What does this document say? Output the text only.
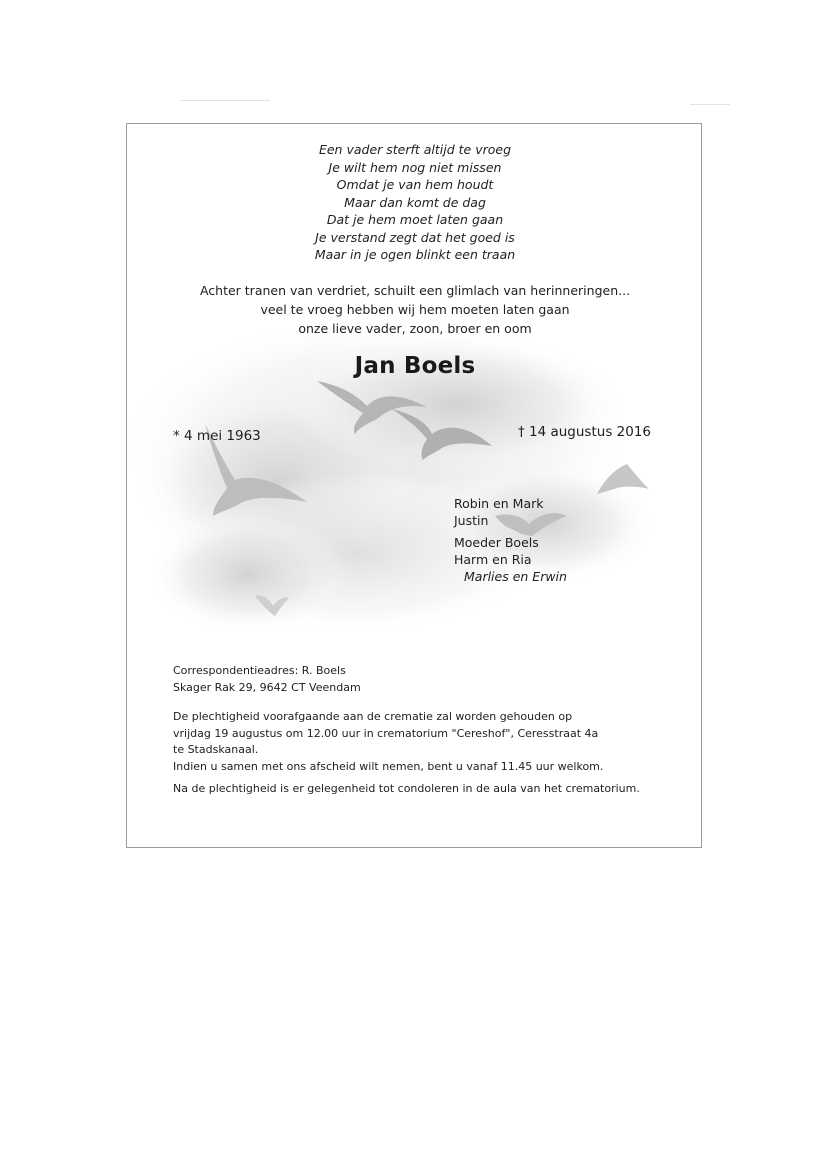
Een vader sterft altijd te vroeg
Je wilt hem nog niet missen
Omdat je van hem houdt
Maar dan komt de dag
Dat je hem moet laten gaan
Je verstand zegt dat het goed is
Maar in je ogen blinkt een traan
Achter tranen van verdriet, schuilt een glimlach van herinneringen...
veel te vroeg hebben wij hem moeten laten gaan
onze lieve vader, zoon, broer en oom
Jan Boels
* 4 mei 1963	† 14 augustus 2016
Robin en Mark
Justin
Moeder Boels
Harm en Ria
Marlies en Erwin
Correspondentieadres: R. Boels
Skager Rak 29, 9642 CT Veendam
De plechtigheid voorafgaande aan de crematie zal worden gehouden op
vrijdag 19 augustus om 12.00 uur in crematorium "Cereshof", Ceresstraat 4a
te Stadskanaal.
Indien u samen met ons afscheid wilt nemen, bent u vanaf 11.45 uur welkom.
Na de plechtigheid is er gelegenheid tot condoleren in de aula van het crematorium.
